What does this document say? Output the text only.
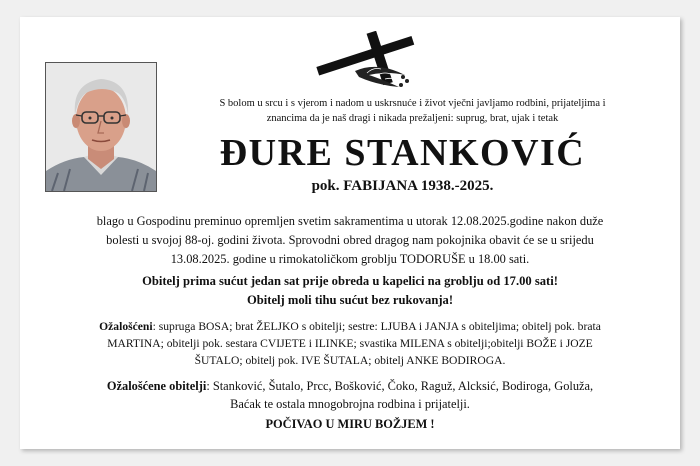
S bolom u srcu i s vjerom i nadom u uskrsnuće i život vječni javljamo rodbini, prijateljima i
znancima da je naš dragi i nikada prežaljeni: suprug, brat, ujak i tetak
ĐURE STANKOVIĆ
pok. FABIJANA 1938.-2025.
blago u Gospodinu preminuo opremljen svetim sakramentima u utorak 12.08.2025.godine nakon duže
bolesti u svojoj 88-oj. godini života. Sprovodni obred dragog nam pokojnika obavit će se u srijedu
13.08.2025. godine u rimokatoličkom groblju TODORUŠE u 18.00 sati.
Obitelj prima sućut jedan sat prije obreda u kapelici na groblju od 17.00 sati!
Obitelj moli tihu sućut bez rukovanja!
Ožalošćeni: supruga BOSA; brat ŽELJKO s obitelji; sestre: LJUBA i JANJA s obiteljima; obitelj pok. brata
MARTINA; obitelji pok. sestara CVIJETE i ILINKE; svastika MILENA s obitelji;obitelji BOŽE i JOZE
ŠUTALO; obitelj pok. IVE ŠUTALA; obitelj ANKE BODIROGA.
Ožalošćene obitelji: Stanković, Šutalo, Prcc, Bošković, Čoko, Raguž, Alcksić, Bodiroga, Goluža,
Baćak te ostala mnogobrojna rodbina i prijatelji.
POČIVAO U MIRU BOŽJEM !
